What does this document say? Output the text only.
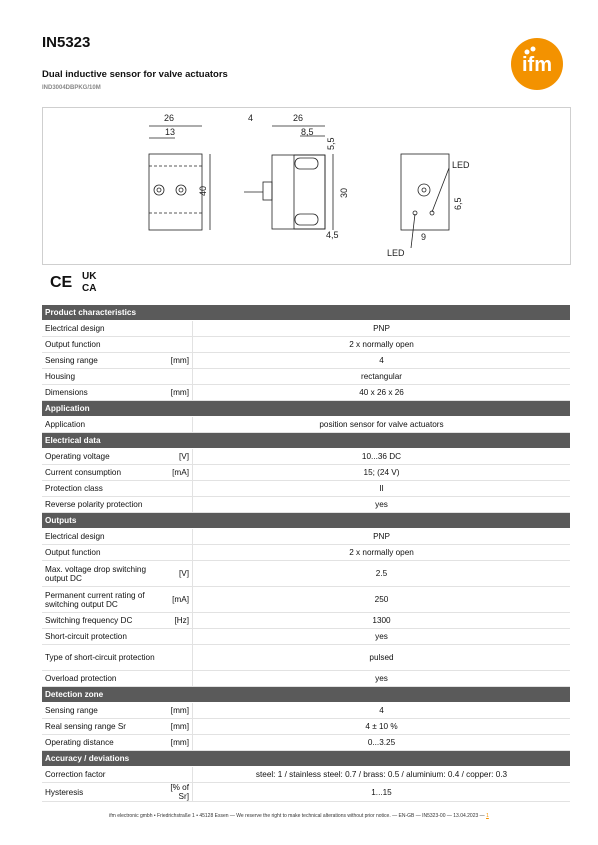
IN5323
Dual inductive sensor for valve actuators
IND3004DBPKG/10M
ifm
26
13
40
4	26
8,5
5,5
30
4,5
LED
6,5
9
LED
CE UK
CA
Product characteristics		
Electrical design		PNP
Output function		2 x normally open
Sensing range	[mm]	4
Housing		rectangular
Dimensions	[mm]	40 x 26 x 26
Application		
Application		position sensor for valve actuators
Electrical data		
Operating voltage	[V]	10...36 DC
Current consumption	[mA]	15; (24 V)
Protection class		II
Reverse polarity protection		yes
Outputs		
Electrical design		PNP
Output function		2 x normally open
Max. voltage drop switching output DC	[V]	2.5
Permanent current rating of switching output DC	[mA]	250
Switching frequency DC	[Hz]	1300
Short-circuit protection		yes
Type of short-circuit protection		pulsed
Overload protection		yes
Detection zone		
Sensing range	[mm]	4
Real sensing range Sr	[mm]	4 ± 10 %
Operating distance	[mm]	0...3.25
Accuracy / deviations		
Correction factor		steel: 1 / stainless steel: 0.7 / brass: 0.5 / aluminium: 0.4 / copper: 0.3
Hysteresis	[% of Sr]	1...15
ifm electronic gmbh • Friedrichstraße 1 • 45128 Essen — We reserve the right to make technical alterations without prior notice. — EN-GB — IN5323-00 — 13.04.2023 — 1
